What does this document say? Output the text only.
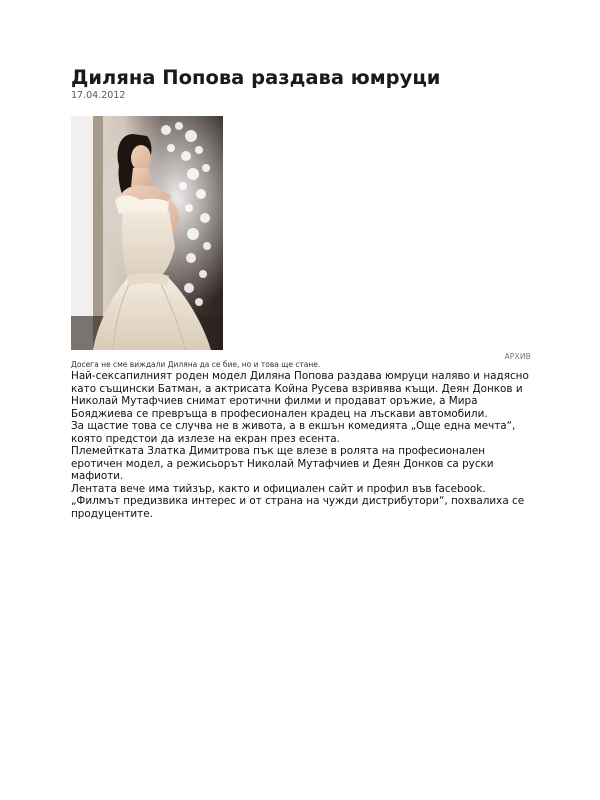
Диляна Попова раздава юмруци
17.04.2012
АРХИВ
Досега не сме виждали Диляна да се бие, но и това ще стане.

Най-сексапилният роден модел Диляна Попова раздава юмруци наляво и надясно като същински Батман, а актрисата Койна Русева взривява къщи. Деян Донков и Николай Мутафчиев снимат еротични филми и продават оръжие, а Мира Бояджиева се превръща в професионален крадец на лъскави автомобили.

За щастие това се случва не в живота, а в екшън комедията „Още една мечта“, която предстои да излезе на екран през есента.

Племейтката Златка Димитрова пък ще влезе в ролята на професионален еротичен модел, а режисьорът Николай Мутафчиев и Деян Донков са руски мафиоти.

Лентата вече има тийзър, както и официален сайт и профил във facebook. „Филмът предизвика интерес и от страна на чужди дистрибутори“, похвалиха се продуцентите.
